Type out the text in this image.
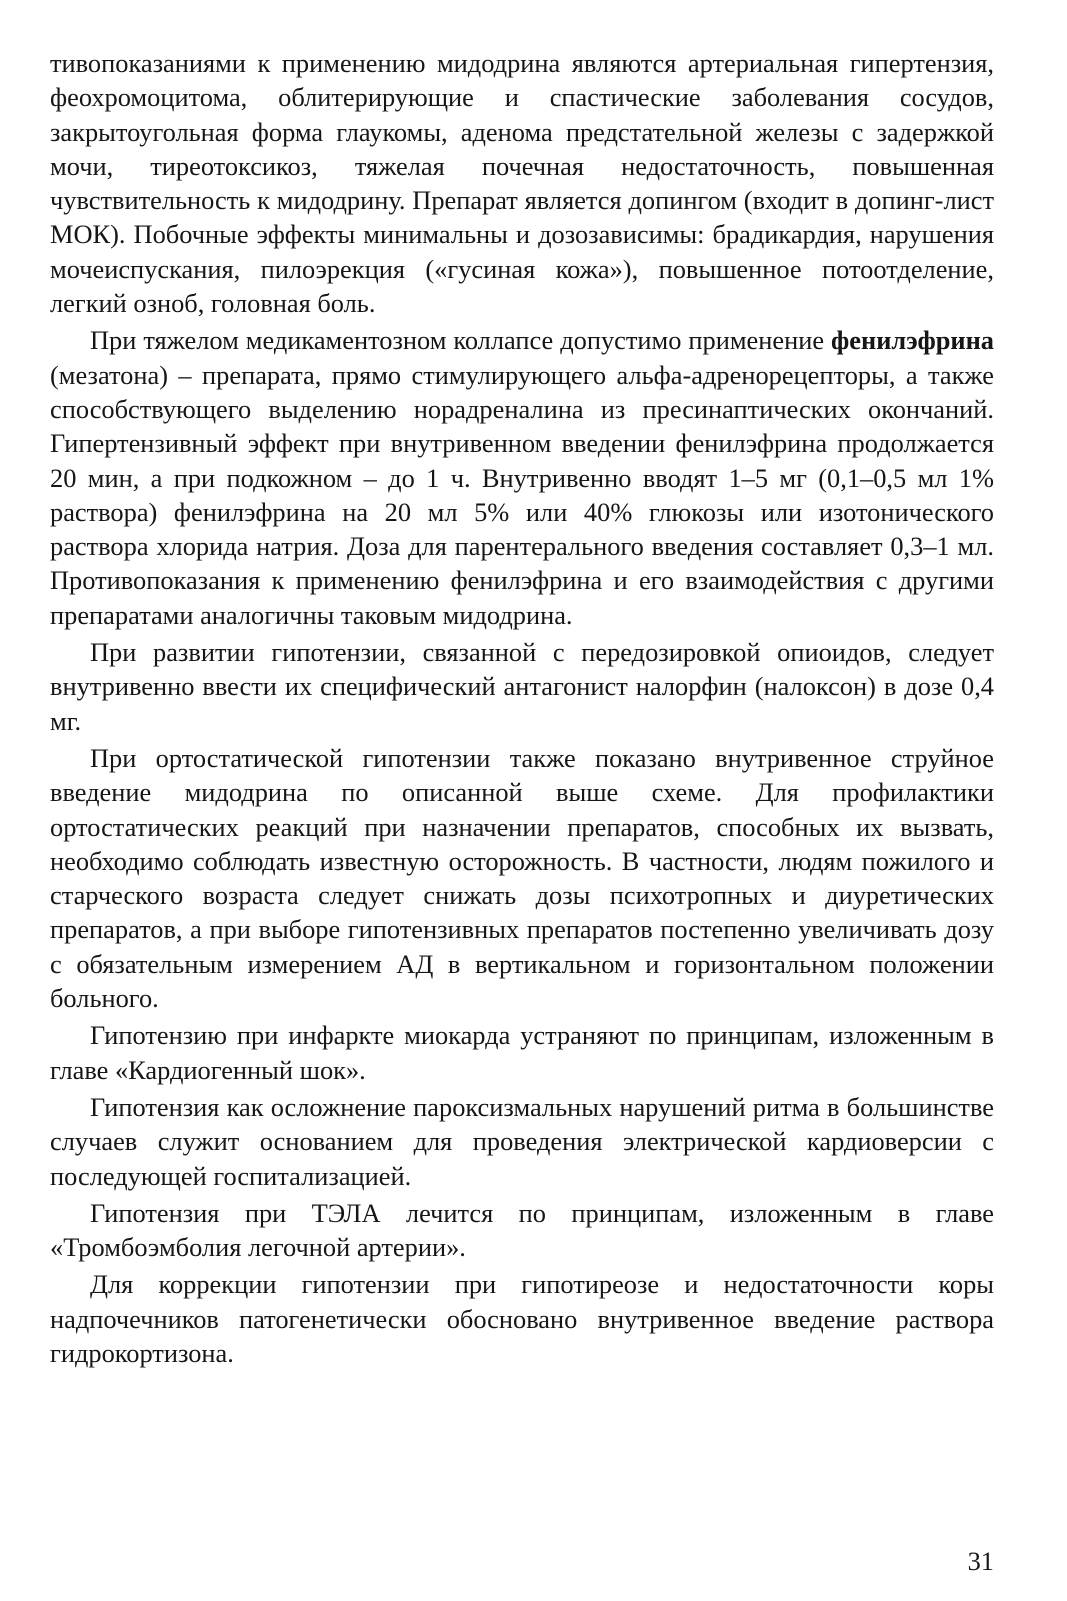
тивопоказаниями к применению мидодрина являются артериальная гипертензия, феохромоцитома, облитерирующие и спастические заболевания сосудов, закрытоугольная форма глаукомы, аденома предстательной железы с задержкой мочи, тиреотоксикоз, тяжелая почечная недостаточность, повышенная чувствительность к мидодрину. Препарат является допингом (входит в допинг-лист МОК). Побочные эффекты минимальны и дозозависимы: брадикардия, нарушения мочеиспускания, пилоэрекция («гусиная кожа»), повышенное потоотделение, легкий озноб, головная боль.

При тяжелом медикаментозном коллапсе допустимо применение фенилэфрина (мезатона) – препарата, прямо стимулирующего альфа-адренорецепторы, а также способствующего выделению норадреналина из пресинаптических окончаний. Гипертензивный эффект при внутривенном введении фенилэфрина продолжается 20 мин, а при подкожном – до 1 ч. Внутривенно вводят 1–5 мг (0,1–0,5 мл 1% раствора) фенилэфрина на 20 мл 5% или 40% глюкозы или изотонического раствора хлорида натрия. Доза для парентерального введения составляет 0,3–1 мл. Противопоказания к применению фенилэфрина и его взаимодействия с другими препаратами аналогичны таковым мидодрина.

При развитии гипотензии, связанной с передозировкой опиоидов, следует внутривенно ввести их специфический антагонист налорфин (налоксон) в дозе 0,4 мг.

При ортостатической гипотензии также показано внутривенное струйное введение мидодрина по описанной выше схеме. Для профилактики ортостатических реакций при назначении препаратов, способных их вызвать, необходимо соблюдать известную осторожность. В частности, людям пожилого и старческого возраста следует снижать дозы психотропных и диуретических препаратов, а при выборе гипотензивных препаратов постепенно увеличивать дозу с обязательным измерением АД в вертикальном и горизонтальном положении больного.

Гипотензию при инфаркте миокарда устраняют по принципам, изложенным в главе «Кардиогенный шок».

Гипотензия как осложнение пароксизмальных нарушений ритма в большинстве случаев служит основанием для проведения электрической кардиоверсии с последующей госпитализацией.

Гипотензия при ТЭЛА лечится по принципам, изложенным в главе «Тромбоэмболия легочной артерии».

Для коррекции гипотензии при гипотиреозе и недостаточности коры надпочечников патогенетически обосновано внутривенное введение раствора гидрокортизона.

31
